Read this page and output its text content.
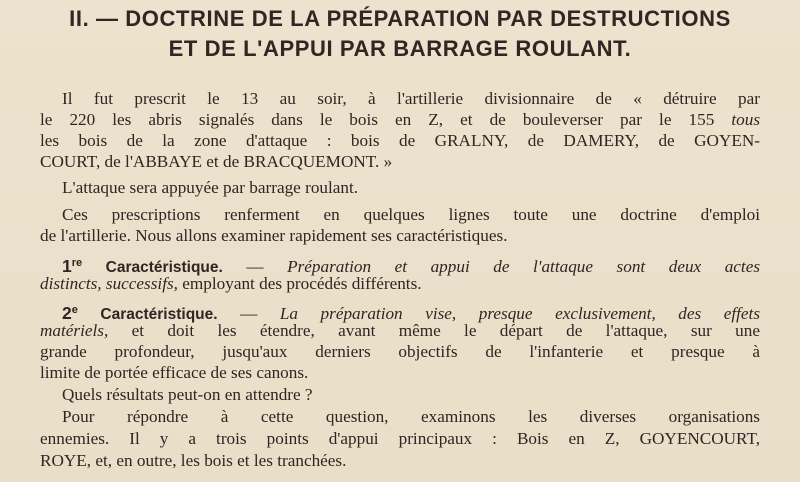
II. — DOCTRINE DE LA PRÉPARATION PAR DESTRUCTIONS
ET DE L'APPUI PAR BARRAGE ROULANT.
Il fut prescrit le 13 au soir, à l'artillerie divisionnaire de « détruire par
le 220 les abris signalés dans le bois en Z, et de bouleverser par le 155 tous
les bois de la zone d'attaque : bois de GRALNY, de DAMERY, de GOYEN-
COURT, de l'ABBAYE et de BRACQUEMONT. »
L'attaque sera appuyée par barrage roulant.
Ces prescriptions renferment en quelques lignes toute une doctrine d'emploi
de l'artillerie. Nous allons examiner rapidement ses caractéristiques.
1re Caractéristique. — Préparation et appui de l'attaque sont deux actes
distincts, successifs, employant des procédés différents.
2e Caractéristique. — La préparation vise, presque exclusivement, des effets
matériels, et doit les étendre, avant même le départ de l'attaque, sur une
grande profondeur, jusqu'aux derniers objectifs de l'infanterie et presque à
limite de portée efficace de ses canons.
Quels résultats peut-on en attendre ?
Pour répondre à cette question, examinons les diverses organisations
ennemies. Il y a trois points d'appui principaux : Bois en Z, GOYENCOURT,
ROYE, et, en outre, les bois et les tranchées.
